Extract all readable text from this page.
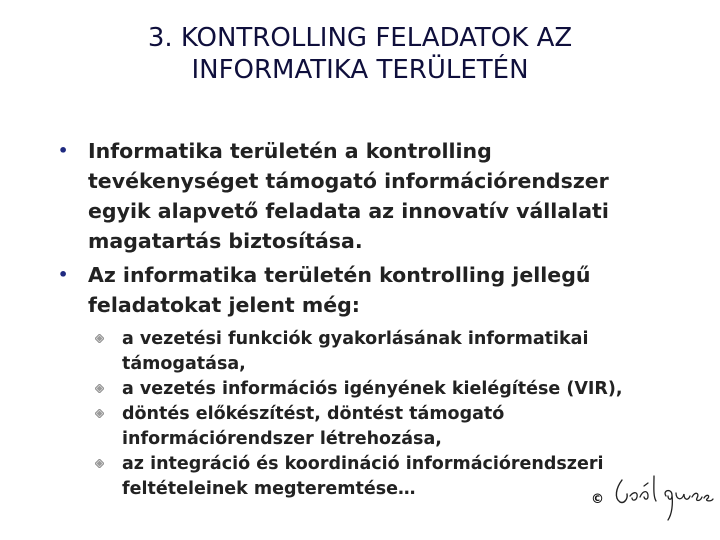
3. KONTROLLING FELADATOK AZ
INFORMATIKA TERÜLETÉN
• Informatika területén a kontrolling
tevékenységet támogató információrendszer
egyik alapvető feladata az innovatív vállalati
magatartás biztosítása.
• Az informatika területén kontrolling jellegű
feladatokat jelent még:
a vezetési funkciók gyakorlásának informatikai
támogatása,
a vezetés információs igényének kielégítése (VIR),
döntés előkészítést, döntést támogató
információrendszer létrehozása,
az integráció és koordináció információrendszeri
feltételeinek megteremtése…
©
